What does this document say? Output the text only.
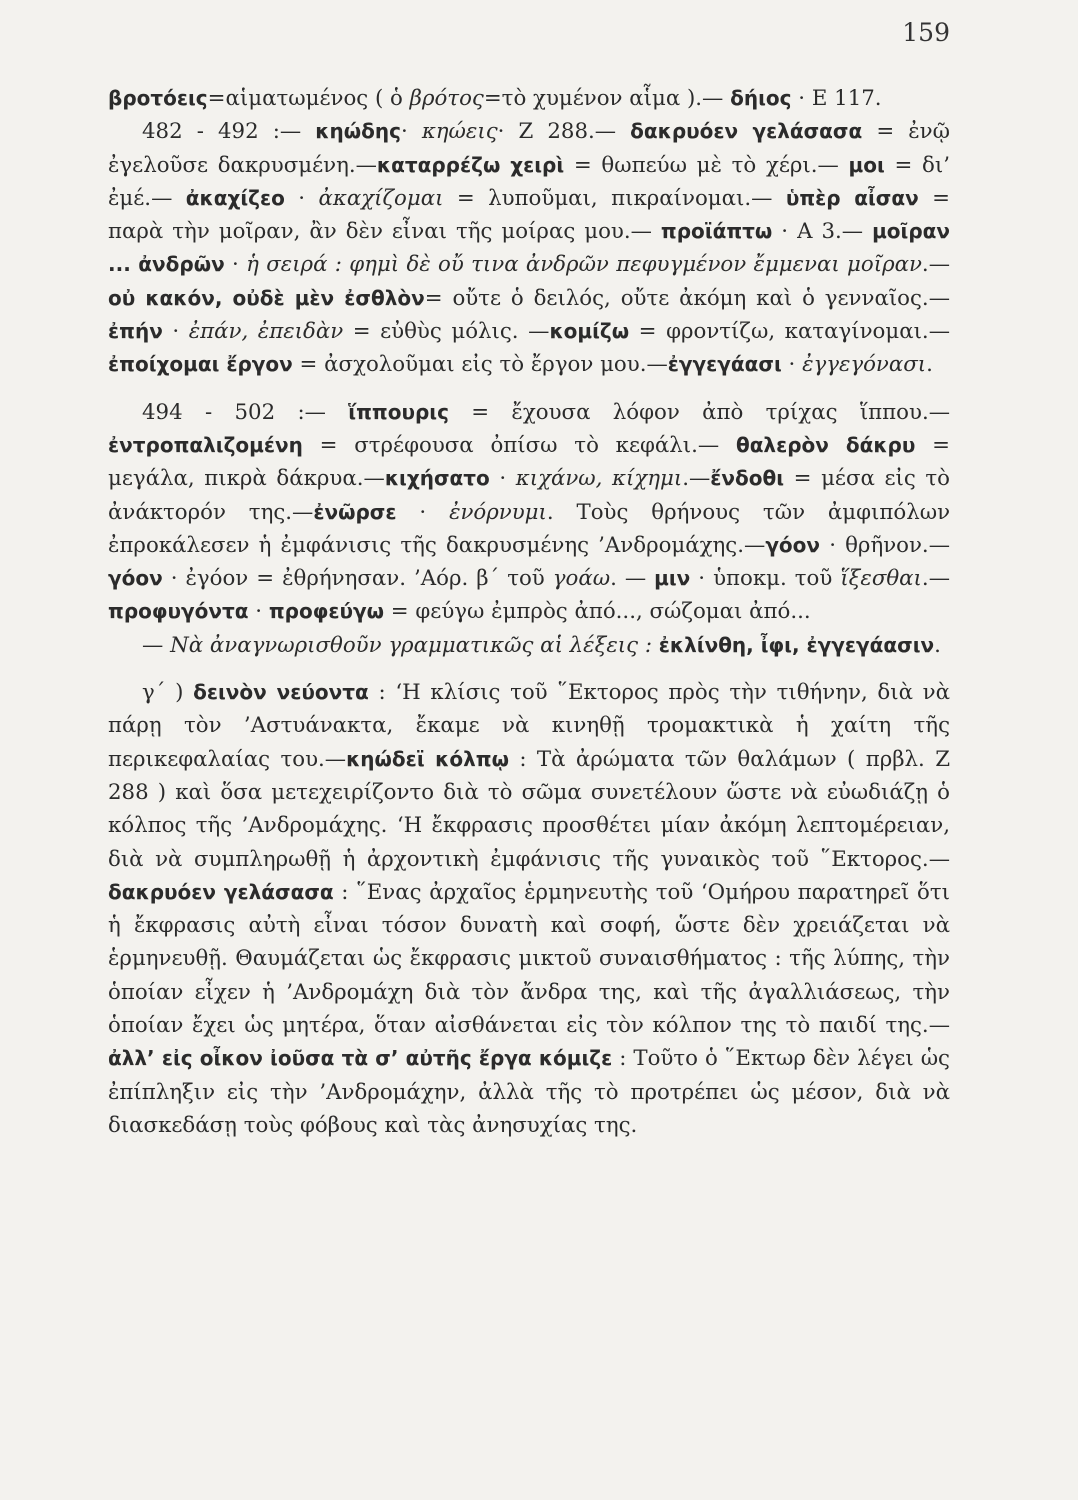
159

βροτόεις=αἱματωμένος ( ὁ βρότος=τὸ χυμένον αἷμα ).— δήιος · Ε 117.

482 - 492 :— κηώδης· κηώεις· Ζ 288.— δακρυόεν γελάσασα = ἐνῷ ἐγελοῦσε δακρυσμένη.—καταρρέζω χειρὶ = θωπεύω μὲ τὸ χέρι.— μοι = δι’ ἐμέ.— ἀκαχίζεο · ἀκαχίζομαι = λυποῦμαι, πικραίνομαι.— ὑπὲρ αἶσαν = παρὰ τὴν μοῖραν, ἂν δὲν εἶναι τῆς μοίρας μου.— προϊάπτω · Α 3.— μοῖραν ... ἀνδρῶν · ἡ σειρά : φημὶ δὲ οὔ τινα ἀνδρῶν πεφυγμένον ἔμμεναι μοῖραν.— οὐ κακόν, οὐδὲ μὲν ἐσθλὸν= οὔτε ὁ δειλός, οὔτε ἀκόμη καὶ ὁ γενναῖος.—ἐπήν · ἐπάν, ἐπειδὰν = εὐθὺς μόλις. —κομίζω = φροντίζω, καταγίνομαι.—ἐποίχομαι ἔργον = ἀσχολοῦμαι εἰς τὸ ἔργον μου.—ἐγγεγάασι · ἐγγεγόνασι.

494 - 502 :— ἵππουρις = ἔχουσα λόφον ἀπὸ τρίχας ἵππου.—ἐντροπαλιζομένη = στρέφουσα ὀπίσω τὸ κεφάλι.— θαλερὸν δάκρυ = μεγάλα, πικρὰ δάκρυα.—κιχήσατο · κιχάνω, κίχημι.—ἔνδοθι = μέσα εἰς τὸ ἀνάκτορόν της.—ἐνῶρσε · ἐνόρνυμι. Τοὺς θρήνους τῶν ἀμφιπόλων ἐπροκάλεσεν ἡ ἐμφάνισις τῆς δακρυσμένης ’Ανδρομάχης.—γόον · θρῆνον.— γόον · ἐγόον = ἐθρήνησαν. ’Αόρ. β΄ τοῦ γοάω. — μιν · ὑποκμ. τοῦ ἵξεσθαι.—προφυγόντα · προφεύγω = φεύγω ἐμπρὸς ἀπό..., σώζομαι ἀπό...

— Νὰ ἀναγνωρισθοῦν γραμματικῶς αἱ λέξεις : ἐκλίνθη, ἶφι, ἐγγεγάασιν.

γ΄ ) δεινὸν νεύοντα : ‘Η κλίσις τοῦ ῞Εκτορος πρὸς τὴν τιθήνην, διὰ νὰ πάρῃ τὸν ’Αστυάνακτα, ἔκαμε νὰ κινηθῇ τρομακτικὰ ἡ χαίτη τῆς περικεφαλαίας του.—κηώδεϊ κόλπῳ : Τὰ ἀρώματα τῶν θαλάμων ( πρβλ. Ζ 288 ) καὶ ὅσα μετεχειρίζοντο διὰ τὸ σῶμα συνετέλουν ὥστε νὰ εὐωδιάζῃ ὁ κόλπος τῆς ’Ανδρομάχης. ‘Η ἔκφρασις προσθέτει μίαν ἀκόμη λεπτομέρειαν, διὰ νὰ συμπληρωθῇ ἡ ἀρχοντικὴ ἐμφάνισις τῆς γυναικὸς τοῦ ῞Εκτορος.— δακρυόεν γελάσασα : ῞Ενας ἀρχαῖος ἑρμηνευτὴς τοῦ ‘Ομήρου παρατηρεῖ ὅτι ἡ ἔκφρασις αὐτὴ εἶναι τόσον δυνατὴ καὶ σοφή, ὥστε δὲν χρειάζεται νὰ ἑρμηνευθῇ. Θαυμάζεται ὡς ἔκφρασις μικτοῦ συναισθήματος : τῆς λύπης, τὴν ὁποίαν εἶχεν ἡ ’Ανδρομάχη διὰ τὸν ἄνδρα της, καὶ τῆς ἀγαλλιάσεως, τὴν ὁποίαν ἔχει ὡς μητέρα, ὅταν αἰσθάνεται εἰς τὸν κόλπον της τὸ παιδί της.—ἀλλ’ εἰς οἶκον ἰοῦσα τὰ σ’ αὐτῆς ἔργα κόμιζε : Τοῦτο ὁ ῞Εκτωρ δὲν λέγει ὡς ἐπίπληξιν εἰς τὴν ’Ανδρομάχην, ἀλλὰ τῆς τὸ προτρέπει ὡς μέσον, διὰ νὰ διασκεδάσῃ τοὺς φόβους καὶ τὰς ἀνησυχίας της.
